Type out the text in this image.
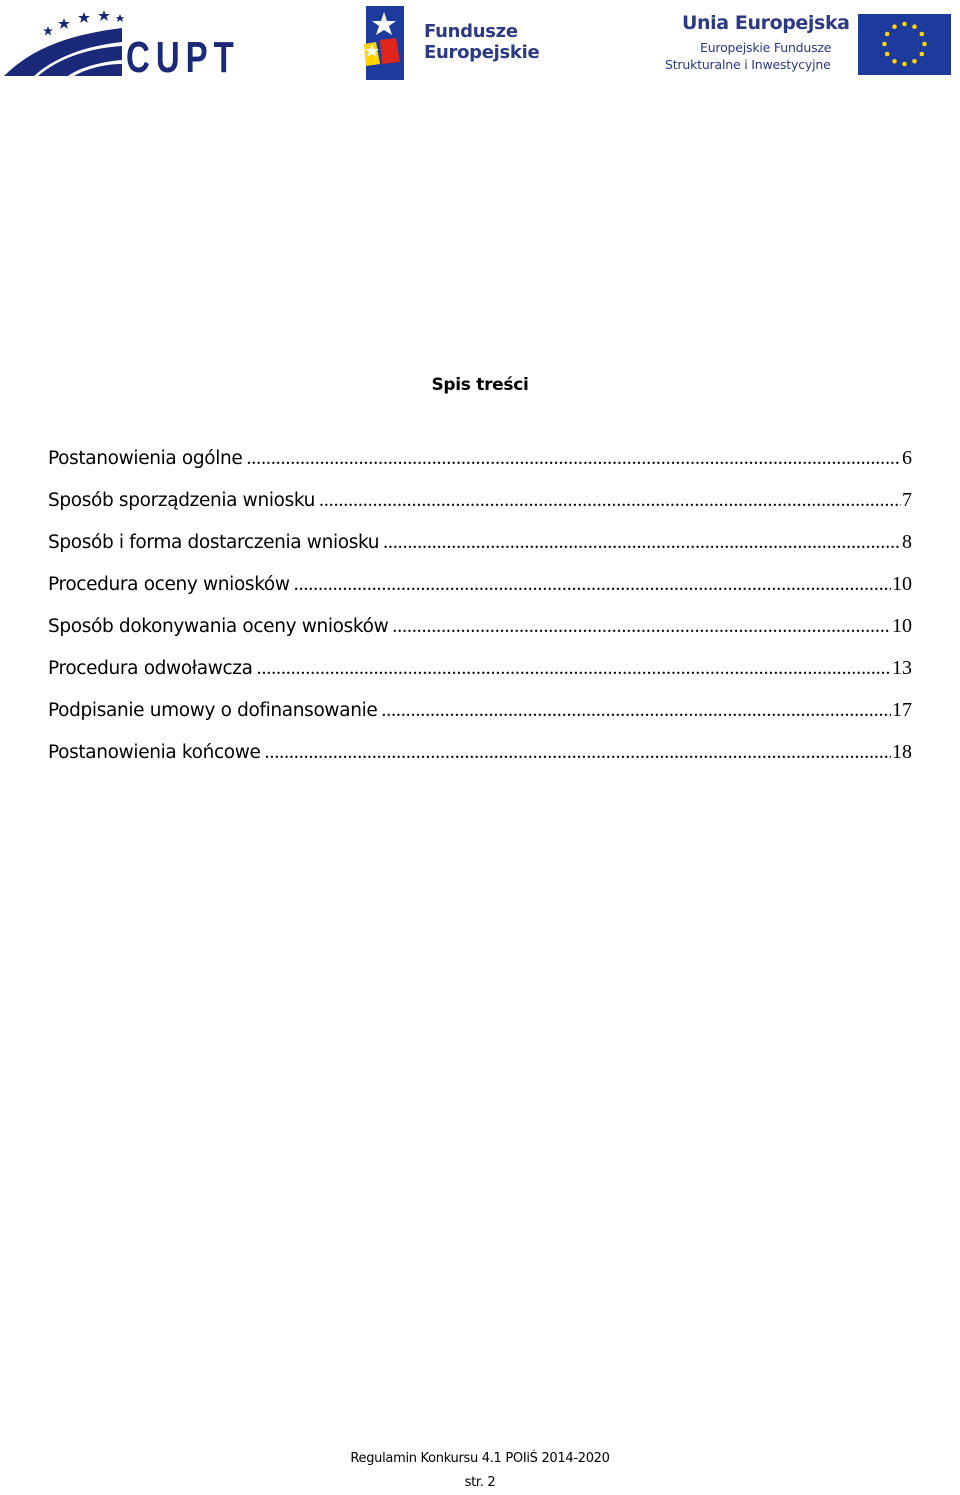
CUPT
Fundusze
Europejskie
Unia Europejska
Europejskie Fundusze
Strukturalne i Inwestycyjne
Spis treści
Postanowienia ogólne .....	6
Sposób sporządzenia wniosku .....	7
Sposób i forma dostarczenia wniosku .....	8
Procedura oceny wniosków .....	10
Sposób dokonywania oceny wniosków .....	10
Procedura odwoławcza .....	13
Podpisanie umowy o dofinansowanie .....	17
Postanowienia końcowe .....	18
Regulamin Konkursu 4.1 POIiŚ 2014-2020
str. 2
